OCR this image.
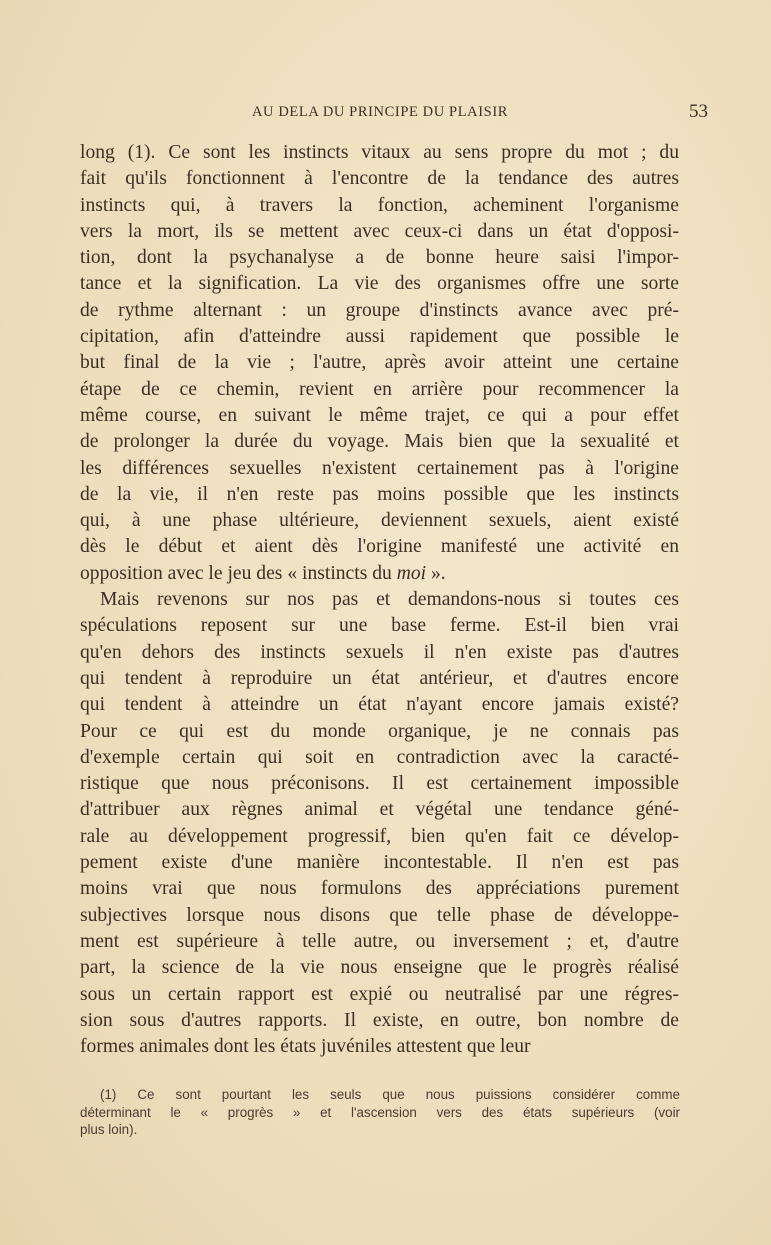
AU DELA DU PRINCIPE DU PLAISIR	53
long (1). Ce sont les instincts vitaux au sens propre du mot ; du
fait qu'ils fonctionnent à l'encontre de la tendance des autres
instincts qui, à travers la fonction, acheminent l'organisme
vers la mort, ils se mettent avec ceux-ci dans un état d'opposi-
tion, dont la psychanalyse a de bonne heure saisi l'impor-
tance et la signification. La vie des organismes offre une sorte
de rythme alternant : un groupe d'instincts avance avec pré-
cipitation, afin d'atteindre aussi rapidement que possible le
but final de la vie ; l'autre, après avoir atteint une certaine
étape de ce chemin, revient en arrière pour recommencer la
même course, en suivant le même trajet, ce qui a pour effet
de prolonger la durée du voyage. Mais bien que la sexualité et
les différences sexuelles n'existent certainement pas à l'origine
de la vie, il n'en reste pas moins possible que les instincts
qui, à une phase ultérieure, deviennent sexuels, aient existé
dès le début et aient dès l'origine manifesté une activité en
opposition avec le jeu des « instincts du moi ».
Mais revenons sur nos pas et demandons-nous si toutes ces
spéculations reposent sur une base ferme. Est-il bien vrai
qu'en dehors des instincts sexuels il n'en existe pas d'autres
qui tendent à reproduire un état antérieur, et d'autres encore
qui tendent à atteindre un état n'ayant encore jamais existé?
Pour ce qui est du monde organique, je ne connais pas
d'exemple certain qui soit en contradiction avec la caracté-
ristique que nous préconisons. Il est certainement impossible
d'attribuer aux règnes animal et végétal une tendance géné-
rale au développement progressif, bien qu'en fait ce dévelop-
pement existe d'une manière incontestable. Il n'en est pas
moins vrai que nous formulons des appréciations purement
subjectives lorsque nous disons que telle phase de développe-
ment est supérieure à telle autre, ou inversement ; et, d'autre
part, la science de la vie nous enseigne que le progrès réalisé
sous un certain rapport est expié ou neutralisé par une régres-
sion sous d'autres rapports. Il existe, en outre, bon nombre de
formes animales dont les états juvéniles attestent que leur
(1) Ce sont pourtant les seuls que nous puissions considérer comme
déterminant le « progrès » et l'ascension vers des états supérieurs (voir
plus loin).
